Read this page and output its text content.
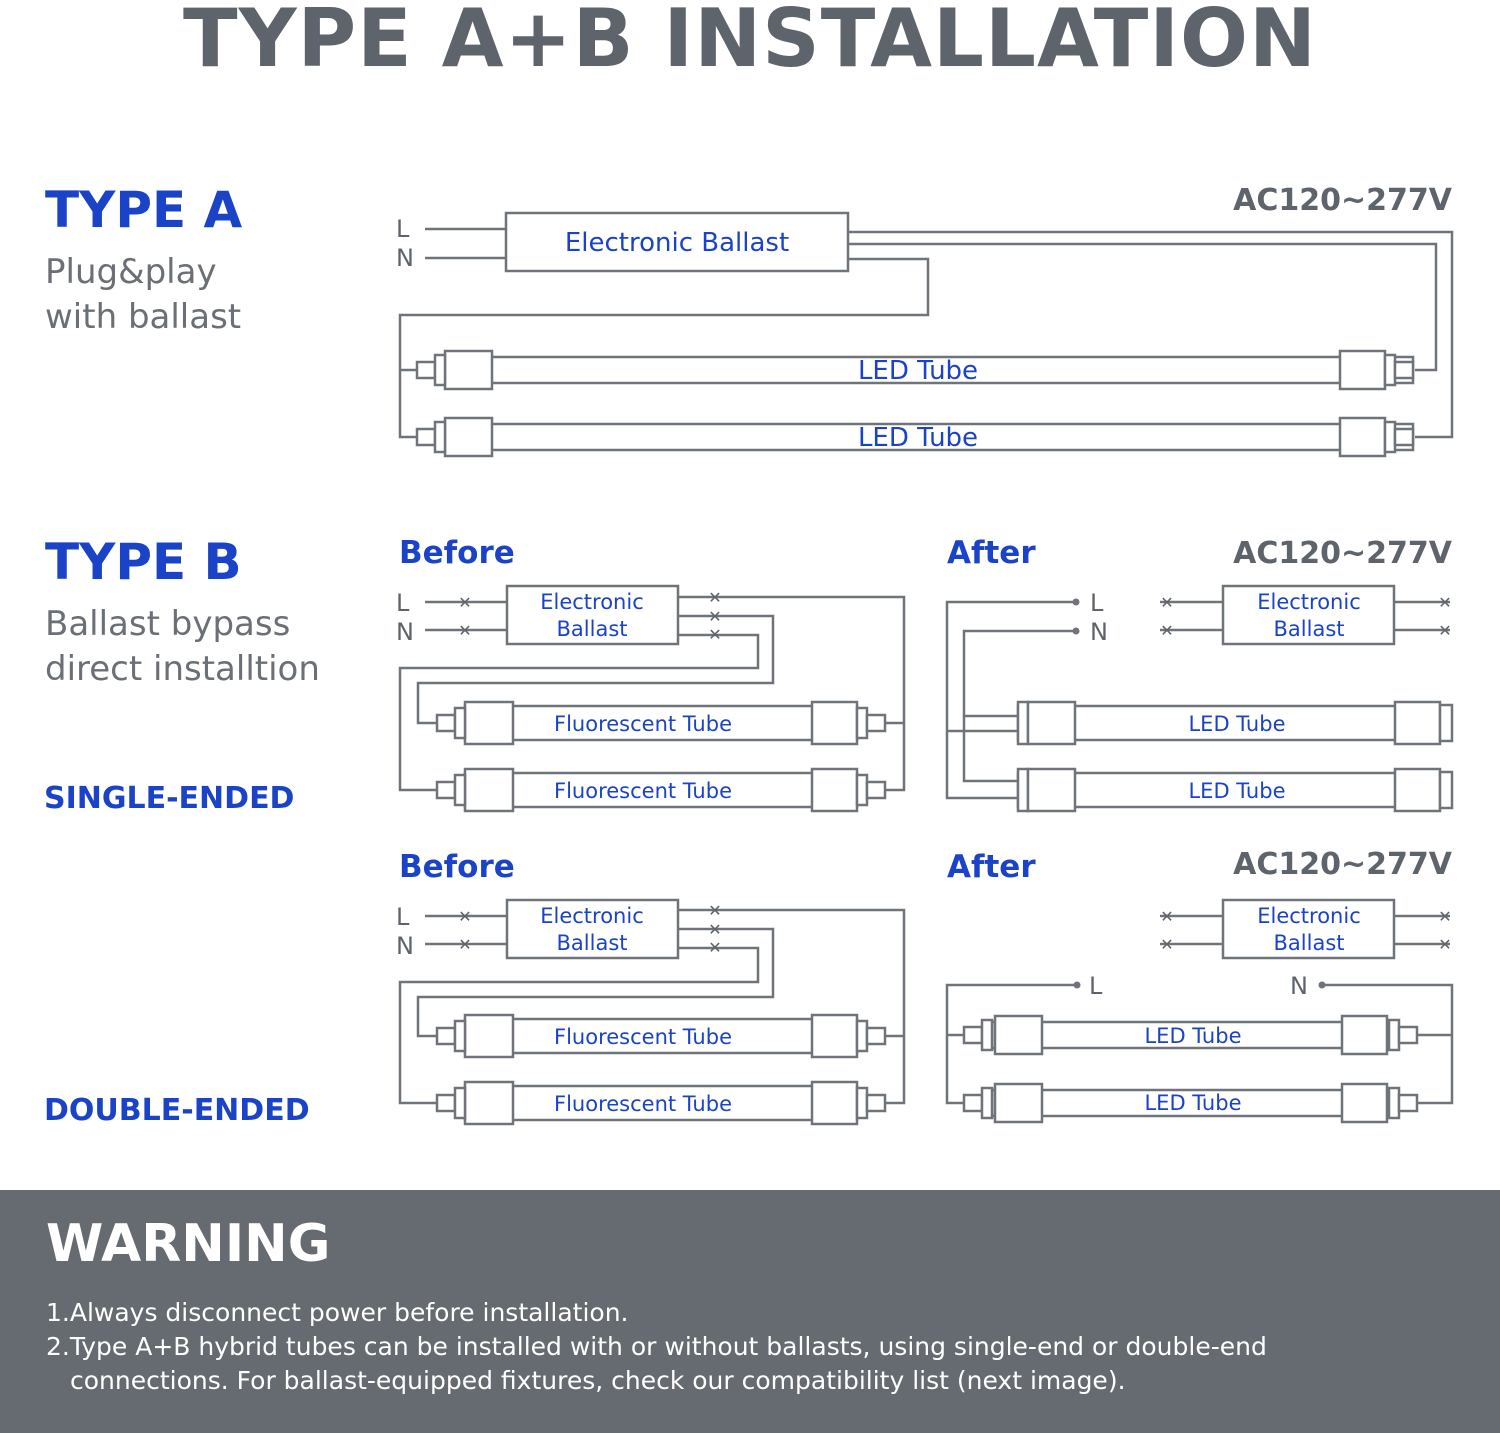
TYPE A+B INSTALLATION
TYPE A
Plug&play
with ballast
AC120~277V
L
N	Electronic Ballast
LED Tube
LED Tube
TYPE B
Ballast bypass
direct installtion
SINGLE-ENDED
DOUBLE-ENDED
Before
L
N
✕
✕
✕
✕
✕
Electronic
Ballast
Fluorescent Tube
Fluorescent Tube
After	AC120~277V
L
N
✕
✕
✕
✕
Electronic
Ballast
LED Tube
LED Tube
Before
L
N
✕
✕
✕
✕
✕
Electronic
Ballast
Fluorescent Tube
Fluorescent Tube
After	AC120~277V
✕
✕
✕
✕
Electronic
Ballast
L	N
LED Tube
LED Tube
WARNING

1.Always disconnect power before installation.

2.Type A+B hybrid tubes can be installed with or without ballasts, using single-end or double-end

connections. For ballast-equipped fixtures, check our compatibility list (next image).
